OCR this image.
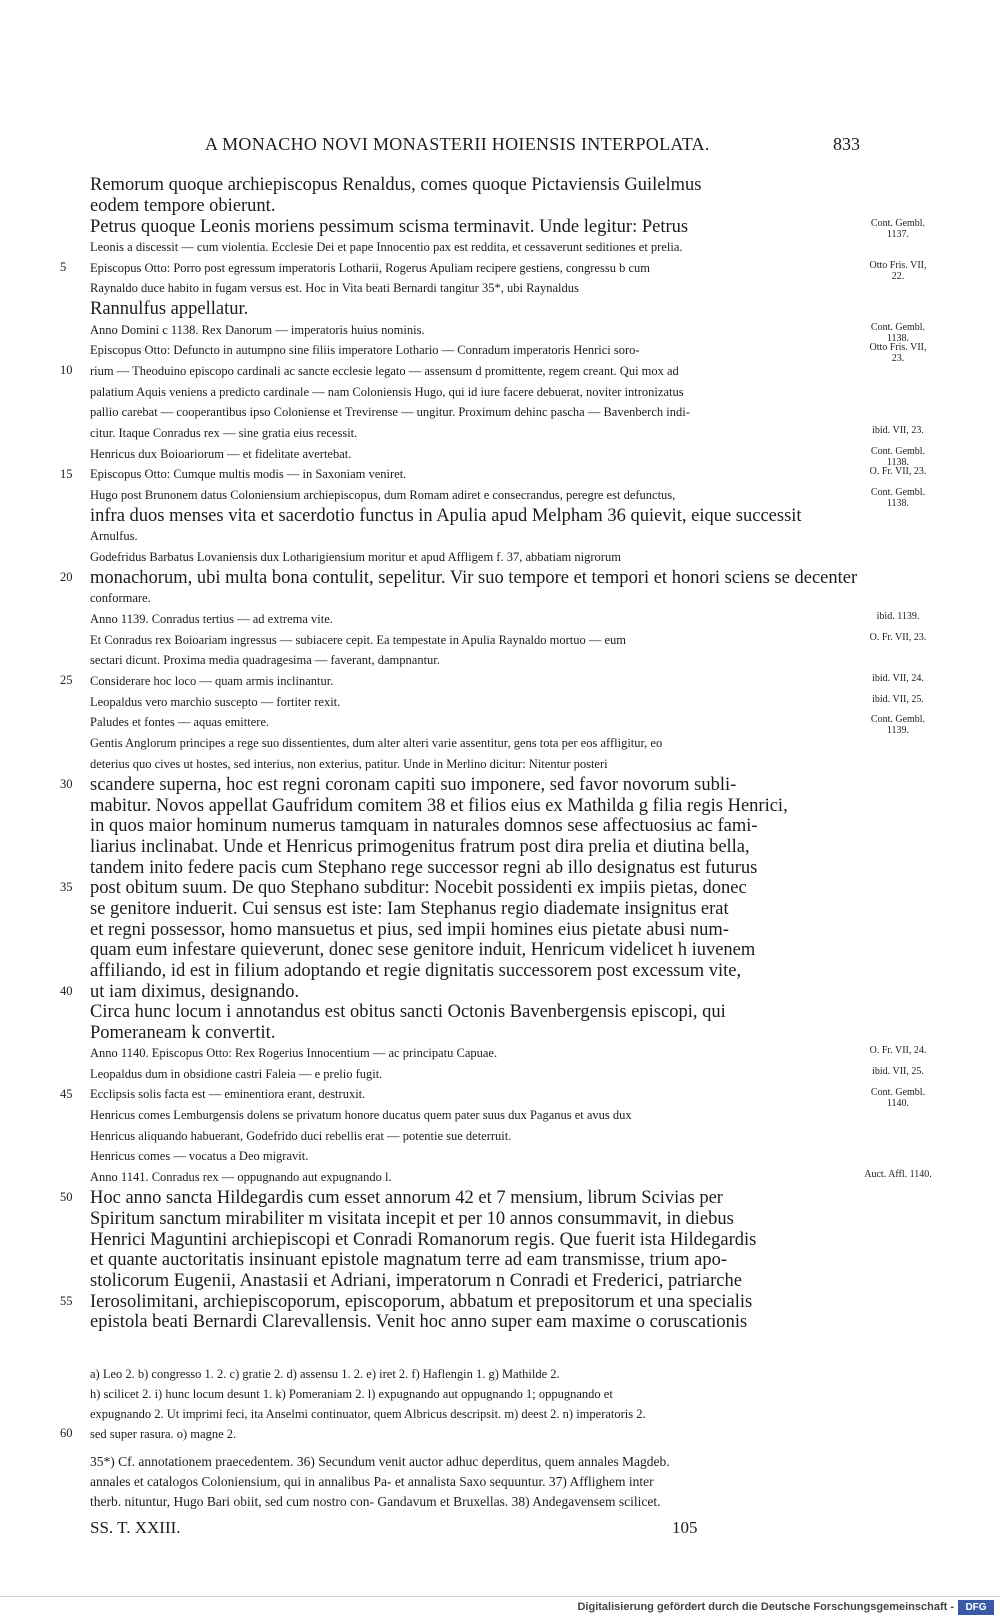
A MONACHO NOVI MONASTERII HOIENSIS INTERPOLATA.	833
Remorum quoque archiepiscopus Renaldus, comes quoque Pictaviensis Guilelmus
eodem tempore obierunt.
Petrus quoque Leonis moriens pessimum scisma terminavit. Unde legitur: Petrus
Leonis a discessit — cum violentia. Ecclesie Dei et pape Innocentio pax est reddita, et cessaverunt seditiones et prelia.
Episcopus Otto: Porro post egressum imperatoris Lotharii, Rogerus Apuliam recipere gestiens, congressu b cum
Raynaldo duce habito in fugam versus est. Hoc in Vita beati Bernardi tangitur 35*, ubi Raynaldus
Rannulfus appellatur.
Anno Domini c 1138. Rex Danorum — imperatoris huius nominis.
Episcopus Otto: Defuncto in autumpno sine filiis imperatore Lothario — Conradum imperatoris Henrici soro-
rium — Theoduino episcopo cardinali ac sancte ecclesie legato — assensum d promittente, regem creant. Qui mox ad
palatium Aquis veniens a predicto cardinale — nam Coloniensis Hugo, qui id iure facere debuerat, noviter intronizatus
pallio carebat — cooperantibus ipso Coloniense et Trevirense — ungitur. Proximum dehinc pascha — Bavenberch indi-
citur. Itaque Conradus rex — sine gratia eius recessit.
Henricus dux Boioariorum — et fidelitate avertebat.
Episcopus Otto: Cumque multis modis — in Saxoniam veniret.
Hugo post Brunonem datus Coloniensium archiepiscopus, dum Romam adiret e consecrandus, peregre est defunctus,
infra duos menses vita et sacerdotio functus in Apulia apud Melpham 36 quievit, eique successit
Arnulfus.
Godefridus Barbatus Lovaniensis dux Lotharigiensium moritur et apud Affligem f. 37, abbatiam nigrorum
monachorum, ubi multa bona contulit, sepelitur. Vir suo tempore et tempori et honori sciens se decenter
conformare.
Anno 1139. Conradus tertius — ad extrema vite.
Et Conradus rex Boioariam ingressus — subiacere cepit. Ea tempestate in Apulia Raynaldo mortuo — eum
sectari dicunt. Proxima media quadragesima — faverant, dampnantur.
Considerare hoc loco — quam armis inclinantur.
Leopaldus vero marchio suscepto — fortiter rexit.
Paludes et fontes — aquas emittere.
Gentis Anglorum principes a rege suo dissentientes, dum alter alteri varie assentitur, gens tota per eos affligitur, eo
deterius quo cives ut hostes, sed interius, non exterius, patitur. Unde in Merlino dicitur: Nitentur posteri
scandere superna, hoc est regni coronam capiti suo imponere, sed favor novorum subli-
mabitur. Novos appellat Gaufridum comitem 38 et filios eius ex Mathilda g filia regis Henrici,
in quos maior hominum numerus tamquam in naturales domnos sese affectuosius ac fami-
liarius inclinabat. Unde et Henricus primogenitus fratrum post dira prelia et diutina bella,
tandem inito federe pacis cum Stephano rege successor regni ab illo designatus est futurus
post obitum suum. De quo Stephano subditur: Nocebit possidenti ex impiis pietas, donec
se genitore induerit. Cui sensus est iste: Iam Stephanus regio diademate insignitus erat
et regni possessor, homo mansuetus et pius, sed impii homines eius pietate abusi num-
quam eum infestare quieverunt, donec sese genitore induit, Henricum videlicet h iuvenem
affiliando, id est in filium adoptando et regie dignitatis successorem post excessum vite,
ut iam diximus, designando.
Circa hunc locum i annotandus est obitus sancti Octonis Bavenbergensis episcopi, qui
Pomeraneam k convertit.
Anno 1140. Episcopus Otto: Rex Rogerius Innocentium — ac principatu Capuae.
Leopaldus dum in obsidione castri Faleia — e prelio fugit.
Ecclipsis solis facta est — eminentiora erant, destruxit.
Henricus comes Lemburgensis dolens se privatum honore ducatus quem pater suus dux Paganus et avus dux
Henricus aliquando habuerant, Godefrido duci rebellis erat — potentie sue deterruit.
Henricus comes — vocatus a Deo migravit.
Anno 1141. Conradus rex — oppugnando aut expugnando l.
Hoc anno sancta Hildegardis cum esset annorum 42 et 7 mensium, librum Scivias per
Spiritum sanctum mirabiliter m visitata incepit et per 10 annos consummavit, in diebus
Henrici Maguntini archiepiscopi et Conradi Romanorum regis. Que fuerit ista Hildegardis
et quante auctoritatis insinuant epistole magnatum terre ad eam transmisse, trium apo-
stolicorum Eugenii, Anastasii et Adriani, imperatorum n Conradi et Frederici, patriarche
Ierosolimitani, archiepiscoporum, episcoporum, abbatum et prepositorum et una specialis
epistola beati Bernardi Clarevallensis. Venit hoc anno super eam maxime o coruscationis
5
10
15
20
25
30
35
40
45
50
55
Cont. Gembl. 1137.
Otto Fris. VII, 22.
Cont. Gembl. 1138.
Otto Fris. VII, 23.
ibid. VII, 23.
Cont. Gembl. 1138.
O. Fr. VII, 23.
Cont. Gembl. 1138.
ibid. 1139.
O. Fr. VII, 23.
ibid. VII, 24.
ibid. VII, 25.
Cont. Gembl. 1139.
O. Fr. VII, 24.
ibid. VII, 25.
Cont. Gembl. 1140.
Auct. Affl. 1140.
a) Leo 2. b) congresso 1. 2. c) gratie 2. d) assensu 1. 2. e) iret 2. f) Haflengin 1. g) Mathilde 2.
h) scilicet 2. i) hunc locum desunt 1. k) Pomeraniam 2. l) expugnando aut oppugnando 1; oppugnando et
expugnando 2. Ut imprimi feci, ita Anselmi continuator, quem Albricus descripsit. m) deest 2. n) imperatoris 2.
sed super rasura. o) magne 2.
60
35*) Cf. annotationem praecedentem. 36) Secundum venit auctor adhuc deperditus, quem annales Magdeb.
annales et catalogos Coloniensium, qui in annalibus Pa- et annalista Saxo sequuntur. 37) Afflighem inter
therb. nituntur, Hugo Bari obiit, sed cum nostro con- Gandavum et Bruxellas. 38) Andegavensem scilicet.
SS. T. XXIII.	105
Digitalisierung gefördert durch die Deutsche Forschungsgemeinschaft -	DFG
